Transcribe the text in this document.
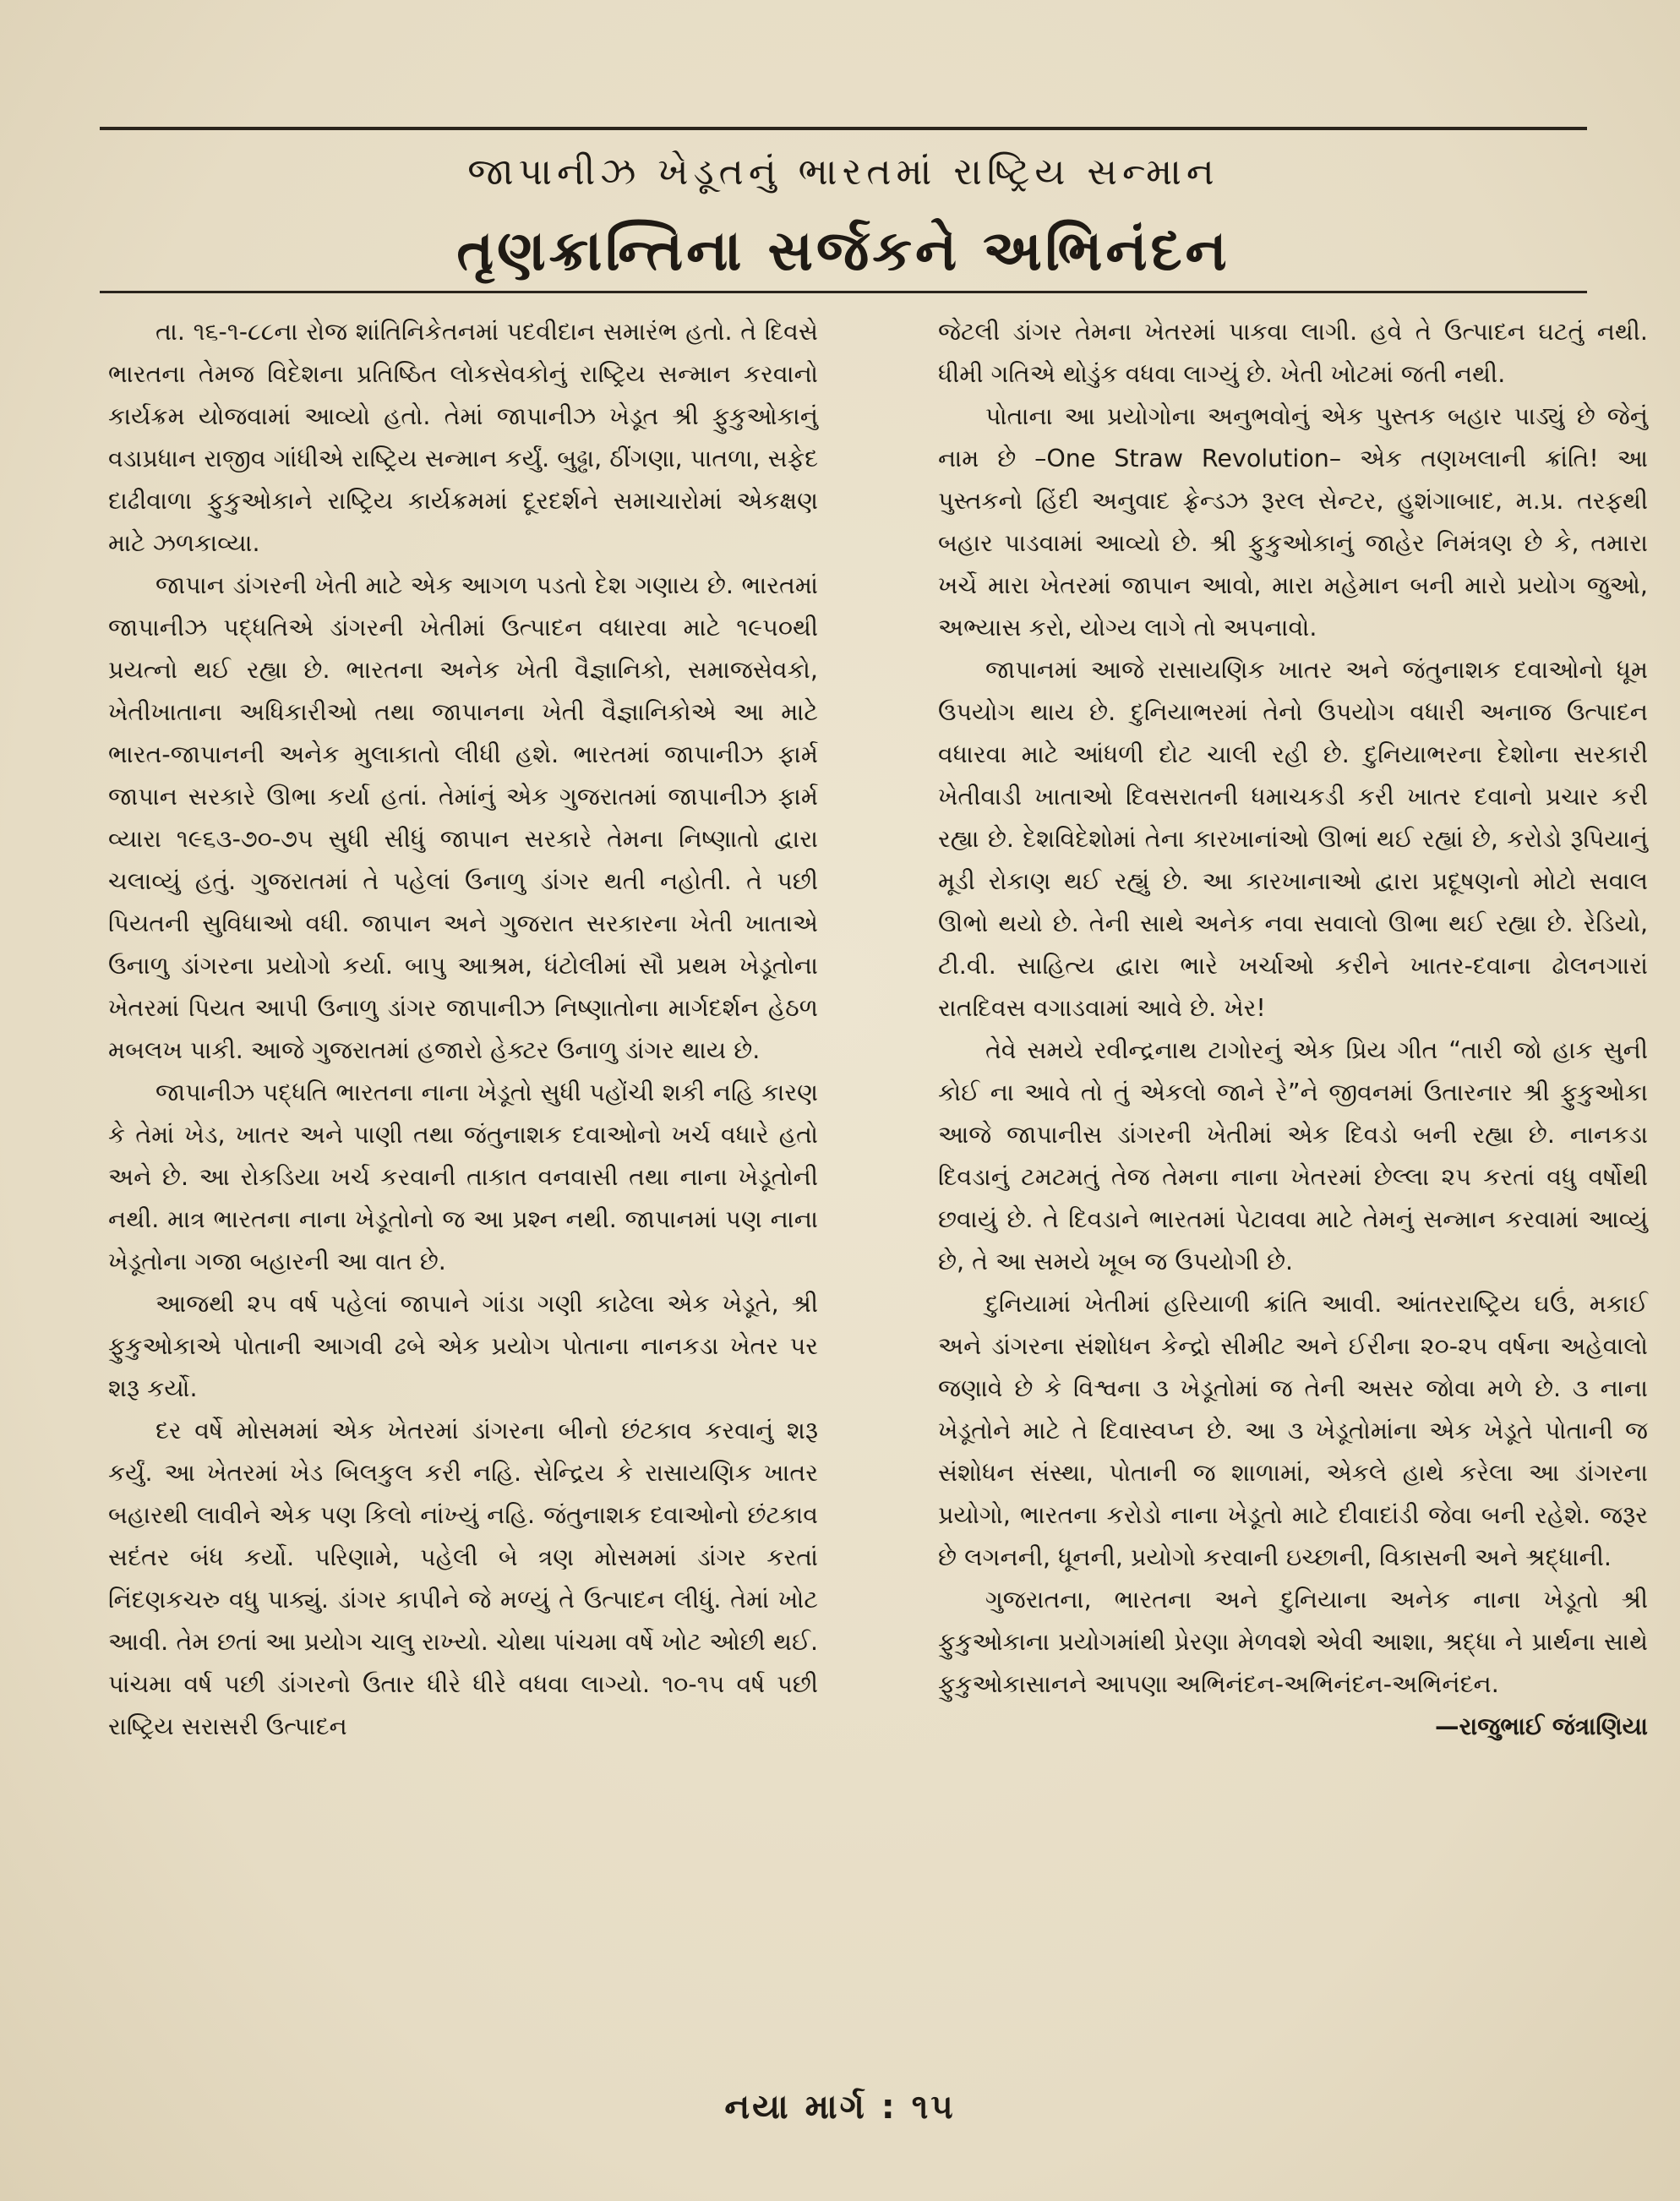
જાપાનીઝ ખેડૂતનું ભારતમાં રાષ્ટ્રિય સન્માન
તૃણક્રાન્તિના સર્જકને અભિનંદન

તા. ૧૬-૧-૮૮ના રોજ શાંતિનિકેતનમાં પદવીદાન સમારંભ હતો. તે દિવસે ભારતના તેમજ વિદેશના પ્રતિષ્ઠિત લોકસેવકોનું રાષ્ટ્રિય સન્માન કરવાનો કાર્યક્રમ યોજવામાં આવ્યો હતો. તેમાં જાપાનીઝ ખેડૂત શ્રી ફુકુઓકાનું વડાપ્રધાન રાજીવ ગાંધીએ રાષ્ટ્રિય સન્માન કર્યું. બુઢ્ઢા, ઠીંગણા, પાતળા, સફેદ દાઢીવાળા ફુકુઓકાને રાષ્ટ્રિય કાર્યક્રમમાં દૂરદર્શને સમાચારોમાં એકક્ષણ માટે ઝળકાવ્યા.

જાપાન ડાંગરની ખેતી માટે એક આગળ પડતો દેશ ગણાય છે. ભારતમાં જાપાનીઝ પદ્ધતિએ ડાંગરની ખેતીમાં ઉત્પાદન વધારવા માટે ૧૯૫૦થી પ્રયત્નો થઈ રહ્યા છે. ભારતના અનેક ખેતી વૈજ્ઞાનિકો, સમાજસેવકો, ખેતીખાતાના અધિકારીઓ તથા જાપાનના ખેતી વૈજ્ઞાનિકોએ આ માટે ભારત-જાપાનની અનેક મુલાકાતો લીધી હશે. ભારતમાં જાપાનીઝ ફાર્મ જાપાન સરકારે ઊભા કર્યા હતાં. તેમાંનું એક ગુજરાતમાં જાપાનીઝ ફાર્મ વ્યારા ૧૯૬૩-૭૦-૭૫ સુધી સીધું જાપાન સરકારે તેમના નિષ્ણાતો દ્વારા ચલાવ્યું હતું. ગુજરાતમાં તે પહેલાં ઉનાળુ ડાંગર થતી નહોતી. તે પછી પિયતની સુવિધાઓ વધી. જાપાન અને ગુજરાત સરકારના ખેતી ખાતાએ ઉનાળુ ડાંગરના પ્રયોગો કર્યા. બાપુ આશ્રમ, ધંટોલીમાં સૌ પ્રથમ ખેડૂતોના ખેતરમાં પિયત આપી ઉનાળુ ડાંગર જાપાનીઝ નિષ્ણાતોના માર્ગદર્શન હેઠળ મબલખ પાકી. આજે ગુજરાતમાં હજારો હેક્ટર ઉનાળુ ડાંગર થાય છે.

જાપાનીઝ પદ્ધતિ ભારતના નાના ખેડૂતો સુધી પહોંચી શકી નહિ કારણ કે તેમાં ખેડ, ખાતર અને પાણી તથા જંતુનાશક દવાઓનો ખર્ચ વધારે હતો અને છે. આ રોકડિયા ખર્ચ કરવાની તાકાત વનવાસી તથા નાના ખેડૂતોની નથી. માત્ર ભારતના નાના ખેડૂતોનો જ આ પ્રશ્ન નથી. જાપાનમાં પણ નાના ખેડૂતોના ગજા બહારની આ વાત છે.

આજથી ૨૫ વર્ષ પહેલાં જાપાને ગાંડા ગણી કાઢેલા એક ખેડૂતે, શ્રી ફુકુઓકાએ પોતાની આગવી ઢબે એક પ્રયોગ પોતાના નાનકડા ખેતર પર શરૂ કર્યો.

દર વર્ષે મોસમમાં એક ખેતરમાં ડાંગરના બીનો છંટકાવ કરવાનું શરૂ કર્યું. આ ખેતરમાં ખેડ બિલકુલ કરી નહિ. સેન્દ્રિય કે રાસાયણિક ખાતર બહારથી લાવીને એક પણ કિલો નાંખ્યું નહિ. જંતુનાશક દવાઓનો છંટકાવ સદંતર બંધ કર્યો. પરિણામે, પહેલી બે ત્રણ મોસમમાં ડાંગર કરતાં નિંદણકચરુ વધુ પાક્યું. ડાંગર કાપીને જે મળ્યું તે ઉત્પાદન લીધું. તેમાં ખોટ આવી. તેમ છતાં આ પ્રયોગ ચાલુ રાખ્યો. ચોથા પાંચમા વર્ષે ખોટ ઓછી થઈ. પાંચમા વર્ષ પછી ડાંગરનો ઉતાર ધીરે ધીરે વધવા લાગ્યો. ૧૦-૧૫ વર્ષ પછી રાષ્ટ્રિય સરાસરી ઉત્પાદન

જેટલી ડાંગર તેમના ખેતરમાં પાકવા લાગી. હવે તે ઉત્પાદન ઘટતું નથી. ધીમી ગતિએ થોડુંક વધવા લાગ્યું છે. ખેતી ખોટમાં જતી નથી.

પોતાના આ પ્રયોગોના અનુભવોનું એક પુસ્તક બહાર પાડ્યું છે જેનું નામ છે –One Straw Revolution– એક તણખલાની ક્રાંતિ! આ પુસ્તકનો હિંદી અનુવાદ ફ્રેન્ડઝ રૂરલ સેન્ટર, હુશંગાબાદ, મ.પ્ર. તરફથી બહાર પાડવામાં આવ્યો છે. શ્રી ફુકુઓકાનું જાહેર નિમંત્રણ છે કે, તમારા ખર્ચે મારા ખેતરમાં જાપાન આવો, મારા મહેમાન બની મારો પ્રયોગ જુઓ, અભ્યાસ કરો, યોગ્ય લાગે તો અપનાવો.

જાપાનમાં આજે રાસાયણિક ખાતર અને જંતુનાશક દવાઓનો ધૂમ ઉપયોગ થાય છે. દુનિયાભરમાં તેનો ઉપયોગ વધારી અનાજ ઉત્પાદન વધારવા માટે આંધળી દોટ ચાલી રહી છે. દુનિયાભરના દેશોના સરકારી ખેતીવાડી ખાતાઓ દિવસરાતની ધમાચકડી કરી ખાતર દવાનો પ્રચાર કરી રહ્યા છે. દેશવિદેશોમાં તેના કારખાનાંઓ ઊભાં થઈ રહ્યાં છે, કરોડો રૂપિયાનું મૂડી રોકાણ થઈ રહ્યું છે. આ કારખાનાઓ દ્વારા પ્રદૂષણનો મોટો સવાલ ઊભો થયો છે. તેની સાથે અનેક નવા સવાલો ઊભા થઈ રહ્યા છે. રેડિયો, ટી.વી. સાહિત્ય દ્વારા ભારે ખર્ચાઓ કરીને ખાતર-દવાના ઢોલનગારાં રાતદિવસ વગાડવામાં આવે છે. ખેર!

તેવે સમયે રવીન્દ્રનાથ ટાગોરનું એક પ્રિય ગીત “તારી જો હાક સુની કોઈ ના આવે તો તું એકલો જાને રે”ને જીવનમાં ઉતારનાર શ્રી ફુકુઓકા આજે જાપાનીસ ડાંગરની ખેતીમાં એક દિવડો બની રહ્યા છે. નાનકડા દિવડાનું ટમટમતું તેજ તેમના નાના ખેતરમાં છેલ્લા ૨૫ કરતાં વધુ વર્ષોથી છવાયું છે. તે દિવડાને ભારતમાં પેટાવવા માટે તેમનું સન્માન કરવામાં આવ્યું છે, તે આ સમયે ખૂબ જ ઉપયોગી છે.

દુનિયામાં ખેતીમાં હરિયાળી ક્રાંતિ આવી. આંતરરાષ્ટ્રિય ઘઉં, મકાઈ અને ડાંગરના સંશોધન કેન્દ્રો સીમીટ અને ઈરીના ૨૦-૨૫ વર્ષના અહેવાલો જણાવે છે કે વિશ્વના ૩ ખેડૂતોમાં જ તેની અસર જોવા મળે છે. ૩ નાના ખેડૂતોને માટે તે દિવાસ્વપ્ન છે. આ ૩ ખેડૂતોમાંના એક ખેડૂતે પોતાની જ સંશોધન સંસ્થા, પોતાની જ શાળામાં, એકલે હાથે કરેલા આ ડાંગરના પ્રયોગો, ભારતના કરોડો નાના ખેડૂતો માટે દીવાદાંડી જેવા બની રહેશે. જરૂર છે લગનની, ધૂનની, પ્રયોગો કરવાની ઇચ્છાની, વિકાસની અને શ્રદ્ધાની.

ગુજરાતના, ભારતના અને દુનિયાના અનેક નાના ખેડૂતો શ્રી ફુકુઓકાના પ્રયોગમાંથી પ્રેરણા મેળવશે એવી આશા, શ્રદ્ધા ને પ્રાર્થના સાથે ફુકુઓકાસાનને આપણા અભિનંદન-અભિનંદન-અભિનંદન.

—રાજુભાઈ જંત્રાણિયા
નયા માર્ગ : ૧૫
